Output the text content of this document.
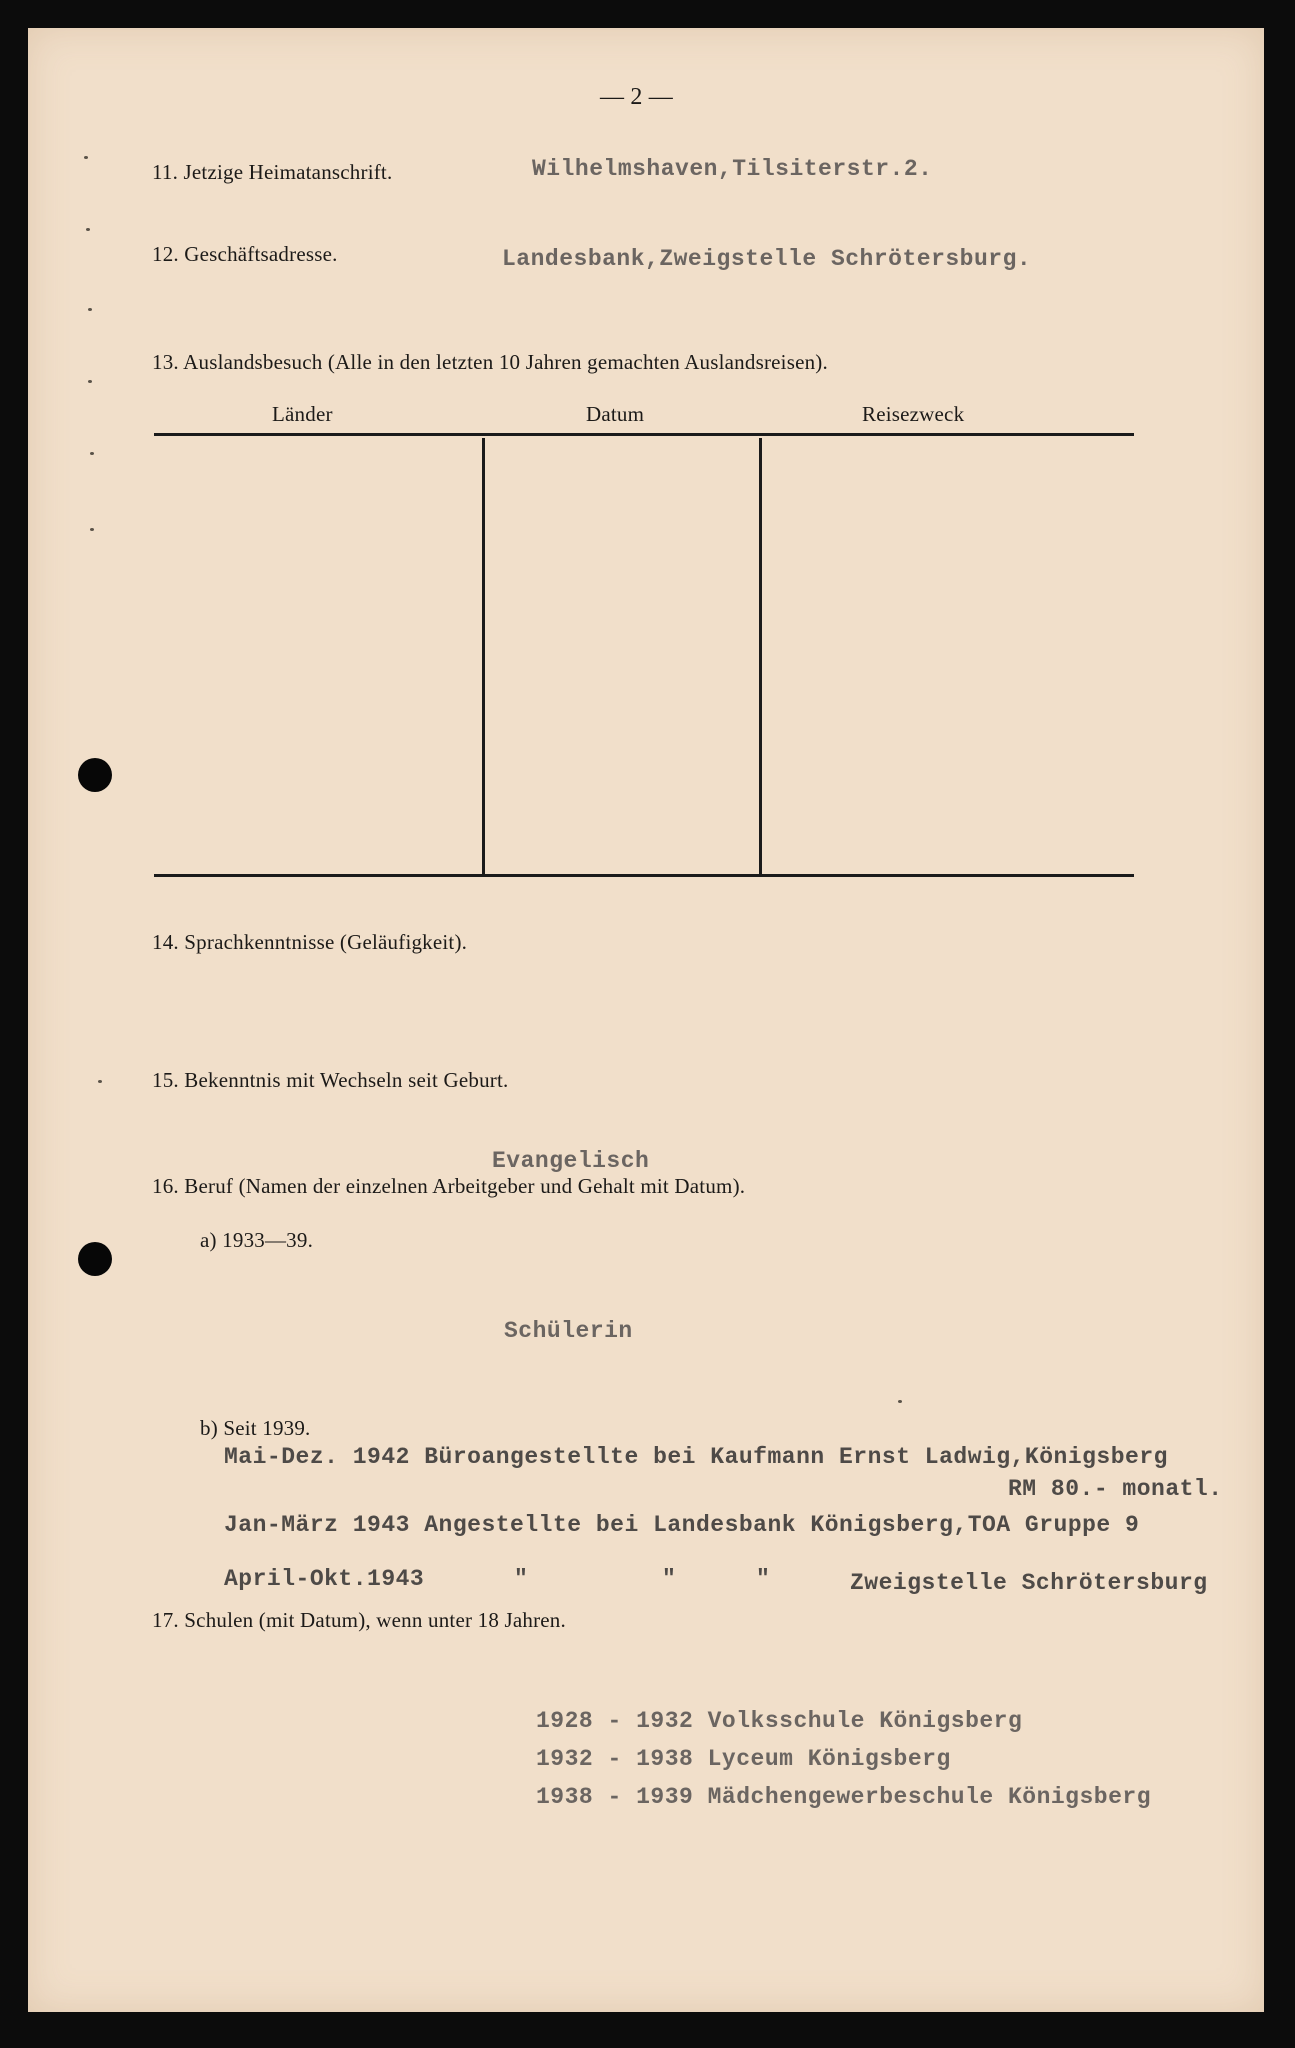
— 2 —
11. Jetzige Heimatanschrift.	Wilhelmshaven,Tilsiterstr.2.
12. Geschäftsadresse.	Landesbank,Zweigstelle Schrötersburg.
13. Auslandsbesuch (Alle in den letzten 10 Jahren gemachten Auslandsreisen).
Länder	Datum	Reisezweck
14. Sprachkenntnisse (Geläufigkeit).
15. Bekenntnis mit Wechseln seit Geburt.
Evangelisch
16. Beruf (Namen der einzelnen Arbeitgeber und Gehalt mit Datum).
a) 1933—39.
Schülerin
b) Seit 1939.
Mai-Dez. 1942 Büroangestellte bei Kaufmann Ernst Ladwig,Königsberg
RM 80.- monatl.
Jan-März 1943 Angestellte bei Landesbank Königsberg,TOA Gruppe 9
April-Okt.1943	"	"	"	Zweigstelle Schrötersburg
17. Schulen (mit Datum), wenn unter 18 Jahren.
1928 - 1932 Volksschule Königsberg
1932 - 1938 Lyceum Königsberg
1938 - 1939 Mädchengewerbeschule Königsberg
